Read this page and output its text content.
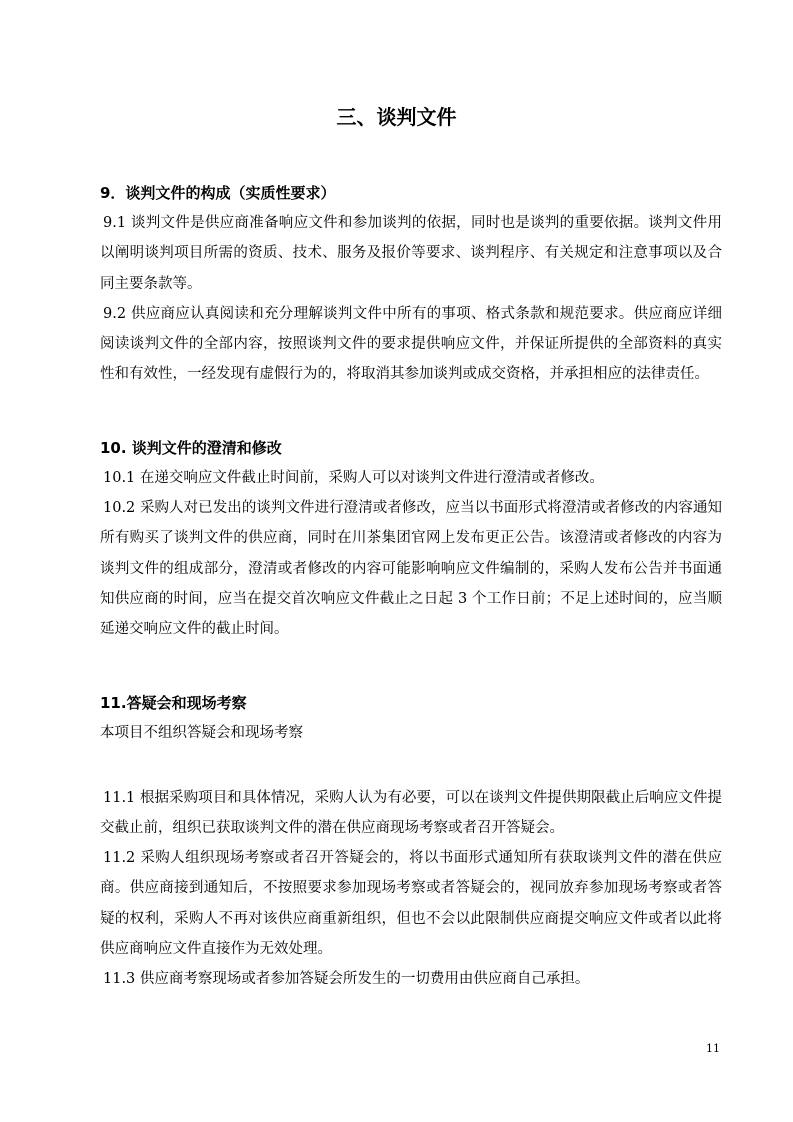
三、谈判文件

9．谈判文件的构成（实质性要求）

9.1 谈判文件是供应商准备响应文件和参加谈判的依据，同时也是谈判的重要依据。谈判文件用以阐明谈判项目所需的资质、技术、服务及报价等要求、谈判程序、有关规定和注意事项以及合同主要条款等。

9.2 供应商应认真阅读和充分理解谈判文件中所有的事项、格式条款和规范要求。供应商应详细阅读谈判文件的全部内容，按照谈判文件的要求提供响应文件，并保证所提供的全部资料的真实性和有效性，一经发现有虚假行为的，将取消其参加谈判或成交资格，并承担相应的法律责任。

10. 谈判文件的澄清和修改

10.1 在递交响应文件截止时间前，采购人可以对谈判文件进行澄清或者修改。

10.2 采购人对已发出的谈判文件进行澄清或者修改，应当以书面形式将澄清或者修改的内容通知所有购买了谈判文件的供应商，同时在川茶集团官网上发布更正公告。该澄清或者修改的内容为谈判文件的组成部分，澄清或者修改的内容可能影响响应文件编制的，采购人发布公告并书面通知供应商的时间，应当在提交首次响应文件截止之日起 3 个工作日前；不足上述时间的，应当顺延递交响应文件的截止时间。

11.答疑会和现场考察

本项目不组织答疑会和现场考察

11.1 根据采购项目和具体情况，采购人认为有必要，可以在谈判文件提供期限截止后响应文件提交截止前，组织已获取谈判文件的潜在供应商现场考察或者召开答疑会。

11.2 采购人组织现场考察或者召开答疑会的，将以书面形式通知所有获取谈判文件的潜在供应商。供应商接到通知后，不按照要求参加现场考察或者答疑会的，视同放弃参加现场考察或者答疑的权利，采购人不再对该供应商重新组织，但也不会以此限制供应商提交响应文件或者以此将供应商响应文件直接作为无效处理。

11.3 供应商考察现场或者参加答疑会所发生的一切费用由供应商自己承担。

11
